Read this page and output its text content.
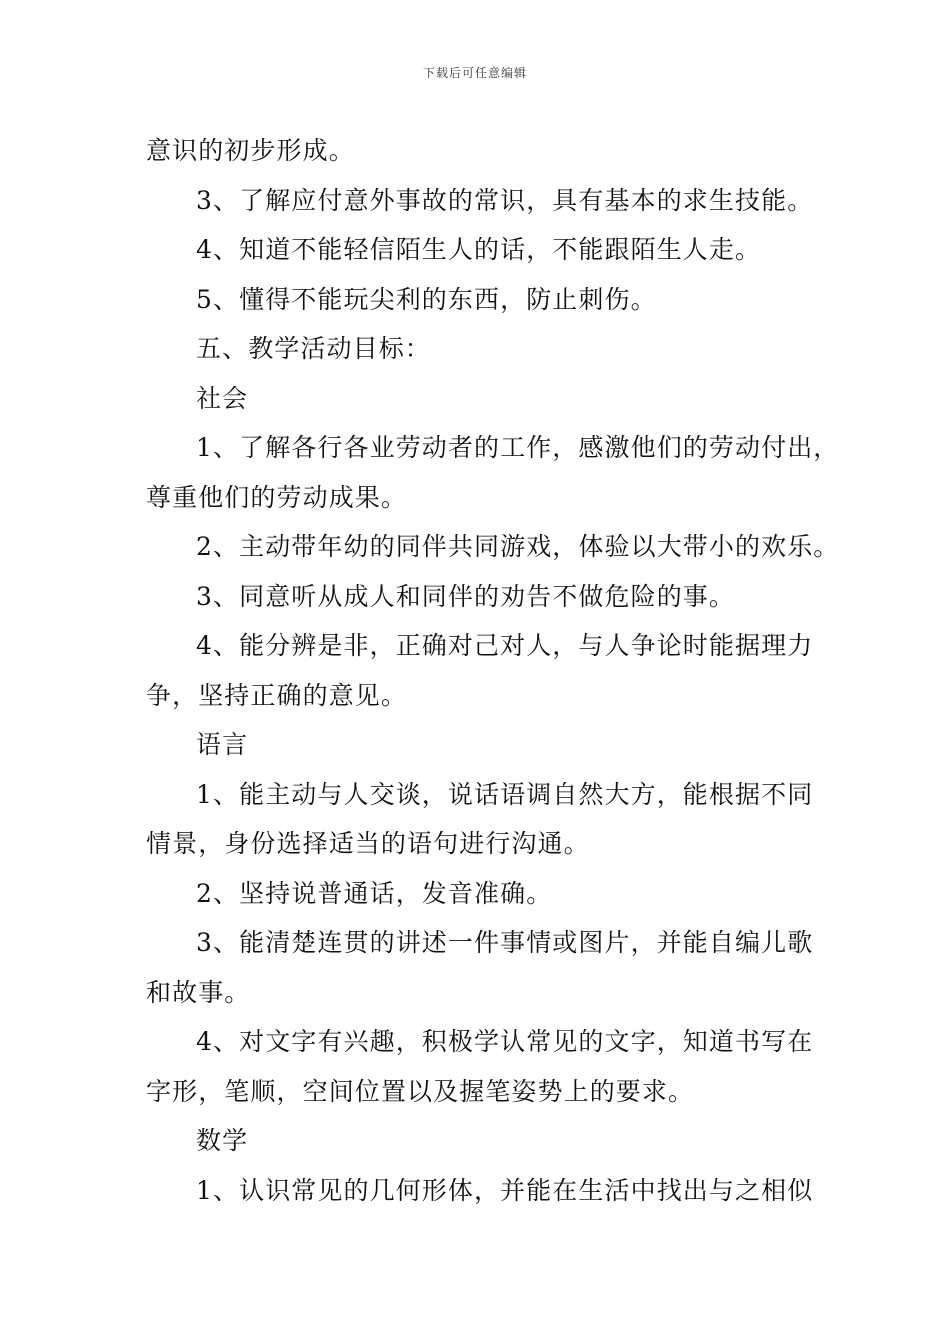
下载后可任意编辑
意识的初步形成。
3、了解应付意外事故的常识，具有基本的求生技能。
4、知道不能轻信陌生人的话，不能跟陌生人走。
5、懂得不能玩尖利的东西，防止刺伤。
五、教学活动目标：
社会
1、了解各行各业劳动者的工作，感激他们的劳动付出，
尊重他们的劳动成果。
2、主动带年幼的同伴共同游戏，体验以大带小的欢乐。
3、同意听从成人和同伴的劝告不做危险的事。
4、能分辨是非，正确对己对人，与人争论时能据理力
争，坚持正确的意见。
语言
1、能主动与人交谈，说话语调自然大方，能根据不同
情景，身份选择适当的语句进行沟通。
2、坚持说普通话，发音准确。
3、能清楚连贯的讲述一件事情或图片，并能自编儿歌
和故事。
4、对文字有兴趣，积极学认常见的文字，知道书写在
字形，笔顺，空间位置以及握笔姿势上的要求。
数学
1、认识常见的几何形体，并能在生活中找出与之相似
